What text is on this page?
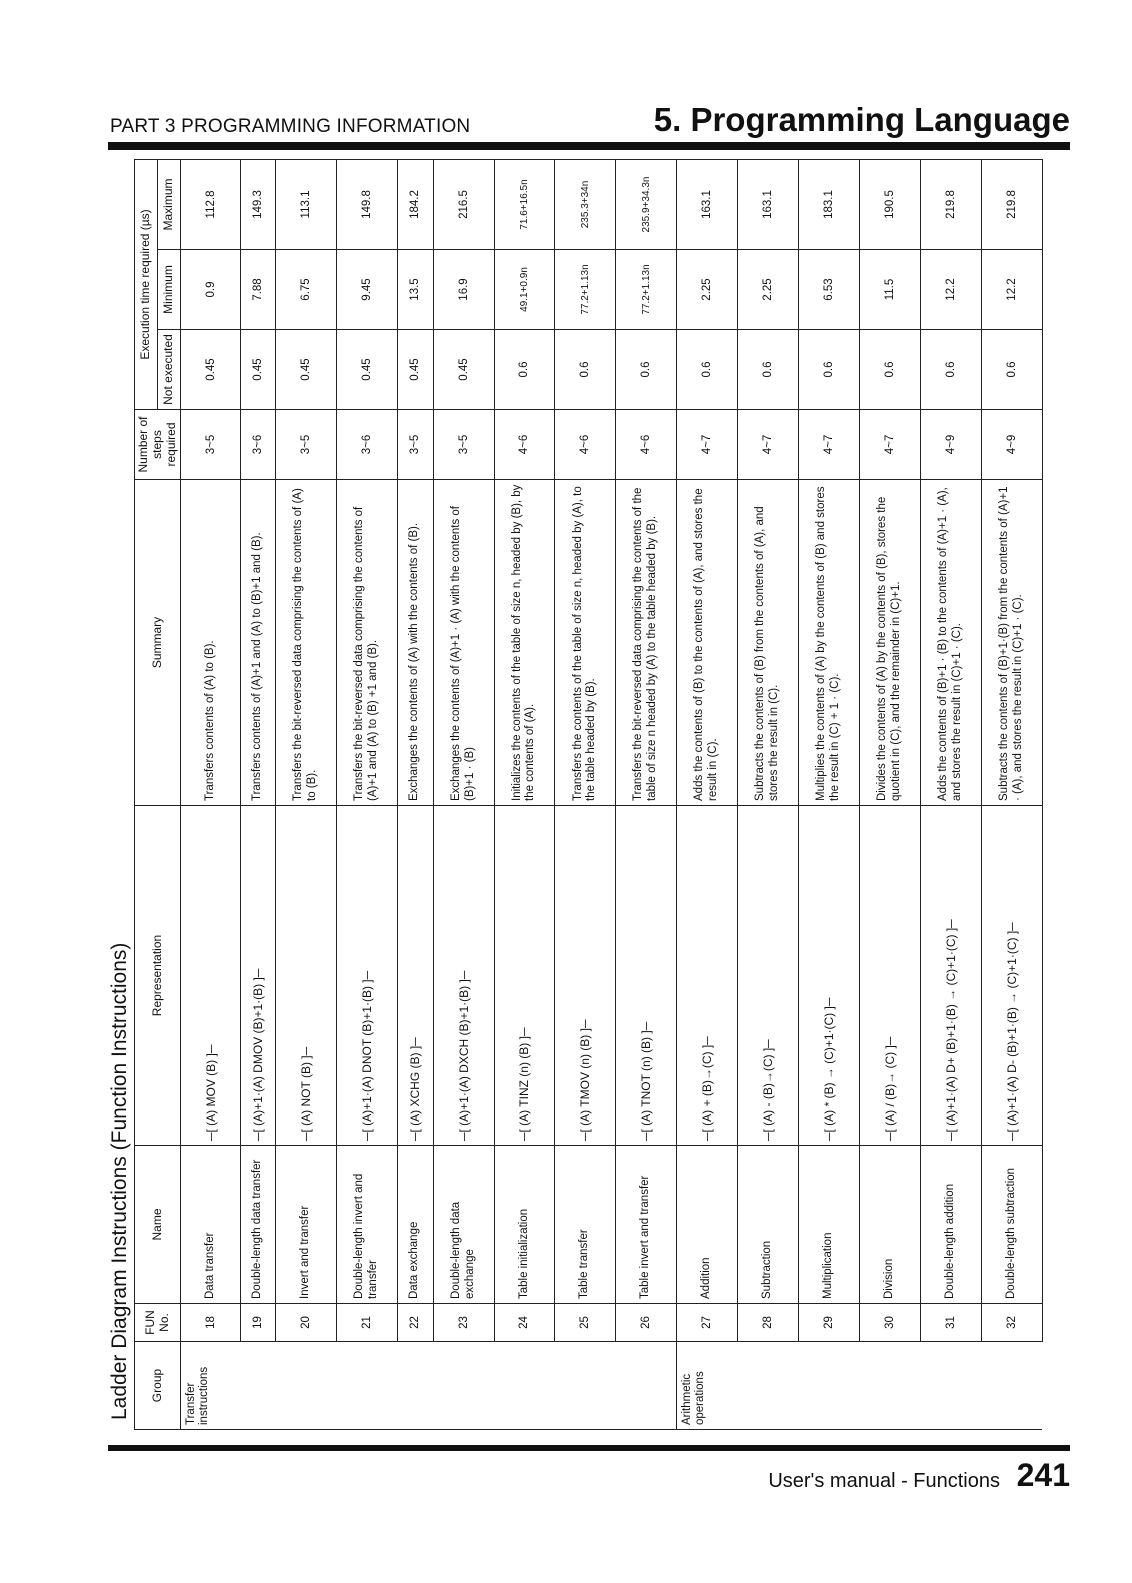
PART 3 PROGRAMMING INFORMATION	5. Programming Language
Ladder Diagram Instructions (Function Instructions) Group	FUN No.	Name	Representation	Summary	Number of steps required	Execution time required (µs)		
						Not executed	Minimum	Maximum
Transfer instructions	18	Data transfer	─[ (A) MOV (B) ]─	Transfers contents of (A) to (B).	3~5	0.45	0.9	112.8
	19	Double-length data transfer	─[ (A)+1·(A) DMOV (B)+1·(B) ]─	Transfers contents of (A)+1 and (A) to (B)+1 and (B).	3~6	0.45	7.88	149.3
	20	Invert and transfer	─[ (A) NOT (B) ]─	Transfers the bit-reversed data comprising the contents of (A) to (B).	3~5	0.45	6.75	113.1
	21	Double-length invert and transfer	─[ (A)+1·(A) DNOT (B)+1·(B) ]─	Transfers the bit-reversed data comprising the contents of (A)+1 and (A) to (B) +1 and (B).	3~6	0.45	9.45	149.8
	22	Data exchange	─[ (A) XCHG (B) ]─	Exchanges the contents of (A) with the contents of (B).	3~5	0.45	13.5	184.2
	23	Double-length data exchange	─[ (A)+1·(A) DXCH (B)+1·(B) ]─	Exchanges the contents of (A)+1 · (A) with the contents of (B)+1 · (B)	3~5	0.45	16.9	216.5
	24	Table initialization	─[ (A) TINZ (n) (B) ]─	Initializes the contents of the table of size n, headed by (B), by the contents of (A).	4~6	0.6	49.1+0.9n	71.6+16.5n
	25	Table transfer	─[ (A) TMOV (n) (B) ]─	Transfers the contents of the table of size n, headed by (A), to the table headed by (B).	4~6	0.6	77.2+1.13n	235.3+34n
	26	Table invert and transfer	─[ (A) TNOT (n) (B) ]─	Transfers the bit-reversed data comprising the contents of the table of size n headed by (A) to the table headed by (B).	4~6	0.6	77.2+1.13n	235.9+34.3n
Arithmetic operations	27	Addition	─[ (A) + (B)→(C) ]─	Adds the contents of (B) to the contents of (A), and stores the result in (C).	4~7	0.6	2.25	163.1
	28	Subtraction	─[ (A) - (B)→(C) ]─	Subtracts the contents of (B) from the contents of (A), and stores the result in (C).	4~7	0.6	2.25	163.1
	29	Multiplication	─[ (A) * (B) → (C)+1·(C) ]─	Multiplies the contents of (A) by the contents of (B) and stores the result in (C) + 1 · (C).	4~7	0.6	6.53	183.1
	30	Division	─[ (A) / (B)→ (C) ]─	Divides the contents of (A) by the contents of (B), stores the quotient in (C), and the remainder in (C)+1.	4~7	0.6	11.5	190.5
	31	Double-length addition	─[ (A)+1·(A) D+ (B)+1·(B) → (C)+1·(C) ]─	Adds the contents of (B)+1 · (B) to the contents of (A)+1 · (A), and stores the result in (C)+1 · (C).	4~9	0.6	12.2	219.8
	32	Double-length subtraction	─[ (A)+1·(A) D- (B)+1·(B) → (C)+1·(C) ]─	Subtracts the contents of (B)+1·(B) from the contents of (A)+1 · (A), and stores the result in (C)+1 · (C).	4~9	0.6	12.2	219.8
User's manual - Functions 241
